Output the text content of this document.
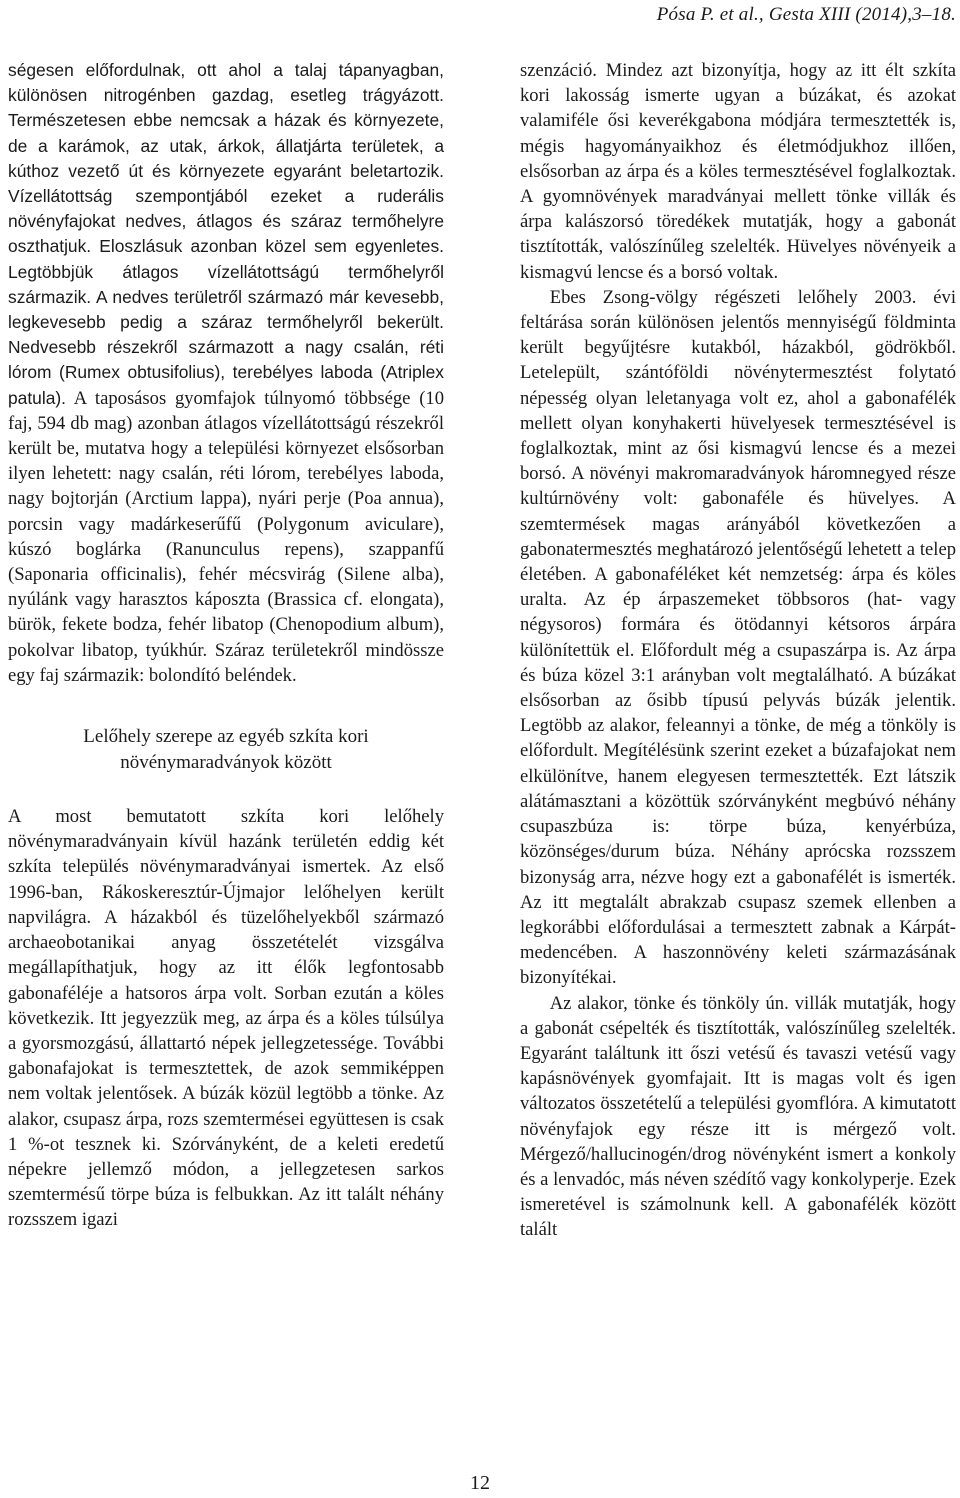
Pósa P. et al., Gesta XIII (2014),3–18.

ségesen előfordulnak, ott ahol a talaj tápanyagban, különösen nitrogénben gazdag, esetleg trágyázott. Természetesen ebbe nemcsak a házak és környezete, de a karámok, az utak, árkok, állatjárta területek, a kúthoz vezető út és környezete egyaránt beletartozik. Vízellátottság szempontjából ezeket a ruderális növényfajokat nedves, átlagos és száraz termőhelyre oszthatjuk. Eloszlásuk azonban közel sem egyenletes. Legtöbbjük átlagos vízellátottságú termőhelyről származik. A nedves területről származó már kevesebb, legkevesebb pedig a száraz termőhelyről bekerült. Nedvesebb részekről származott a nagy csalán, réti lórom (Rumex obtusifolius), terebélyes laboda (Atriplex patula). A taposásos gyomfajok túlnyomó többsége (10 faj, 594 db mag) azonban átlagos vízellátottságú részekről került be, mutatva hogy a települési környezet elsősorban ilyen lehetett: nagy csalán, réti lórom, terebélyes laboda, nagy bojtorján (Arctium lappa), nyári perje (Poa annua), porcsin vagy madárkeserűfű (Polygonum aviculare), kúszó boglárka (Ranunculus repens), szappanfű (Saponaria officinalis), fehér mécsvirág (Silene alba), nyúlánk vagy harasztos káposzta (Brassica cf. elongata), bürök, fekete bodza, fehér libatop (Chenopodium album), pokolvar libatop, tyúkhúr. Száraz területekről mindössze egy faj származik: bolondító beléndek.

Lelőhely szerepe az egyéb szkíta kori növénymaradványok között

A most bemutatott szkíta kori lelőhely növénymaradványain kívül hazánk területén eddig két szkíta település növénymaradványai ismertek. Az első 1996-ban, Rákoskeresztúr-Újmajor lelőhelyen került napvilágra. A házakból és tüzelőhelyekből származó archaeobotanikai anyag összetételét vizsgálva megállapíthatjuk, hogy az itt élők legfontosabb gabonaféléje a hatsoros árpa volt. Sorban ezután a köles következik. Itt jegyezzük meg, az árpa és a köles túlsúlya a gyorsmozgású, állattartó népek jellegzetessége. További gabonafajokat is termesztettek, de azok semmiképpen nem voltak jelentősek. A búzák közül legtöbb a tönke. Az alakor, csupasz árpa, rozs szemtermései együttesen is csak 1 %-ot tesznek ki. Szórványként, de a keleti eredetű népekre jellemző módon, a jellegzetesen sarkos szemtermésű törpe búza is felbukkan. Az itt talált néhány rozsszem igazi

szenzáció. Mindez azt bizonyítja, hogy az itt élt szkíta kori lakosság ismerte ugyan a búzákat, és azokat valamiféle ősi keverékgabona módjára termesztették is, mégis hagyományaikhoz és életmódjukhoz illően, elsősorban az árpa és a köles termesztésével foglalkoztak. A gyomnövények maradványai mellett tönke villák és árpa kalászorsó töredékek mutatják, hogy a gabonát tisztították, valószínűleg szelelték. Hüvelyes növényeik a kismagvú lencse és a borsó voltak.

Ebes Zsong-völgy régészeti lelőhely 2003. évi feltárása során különösen jelentős mennyiségű földminta került begyűjtésre kutakból, házakból, gödrökből. Letelepült, szántóföldi növénytermesztést folytató népesség olyan leletanyaga volt ez, ahol a gabonafélék mellett olyan konyhakerti hüvelyesek termesztésével is foglalkoztak, mint az ősi kismagvú lencse és a mezei borsó. A növényi makromaradványok háromnegyed része kultúrnövény volt: gabonaféle és hüvelyes. A szemtermések magas arányából következően a gabonatermesztés meghatározó jelentőségű lehetett a telep életében. A gabonaféléket két nemzetség: árpa és köles uralta. Az ép árpaszemeket többsoros (hat- vagy négysoros) formára és ötödannyi kétsoros árpára különítettük el. Előfordult még a csupaszárpa is. Az árpa és búza közel 3:1 arányban volt megtalálható. A búzákat elsősorban az ősibb típusú pelyvás búzák jelentik. Legtöbb az alakor, feleannyi a tönke, de még a tönköly is előfordult. Megítélésünk szerint ezeket a búzafajokat nem elkülönítve, hanem elegyesen termesztették. Ezt látszik alátámasztani a közöttük szórványként megbúvó néhány csupaszbúza is: törpe búza, kenyérbúza, közönséges/durum búza. Néhány aprócska rozsszem bizonyság arra, nézve hogy ezt a gabonafélét is ismerték. Az itt megtalált abrakzab csupasz szemek ellenben a legkorábbi előfordulásai a termesztett zabnak a Kárpát-medencében. A haszonnövény keleti származásának bizonyítékai.

Az alakor, tönke és tönköly ún. villák mutatják, hogy a gabonát csépelték és tisztították, valószínűleg szelelték. Egyaránt találtunk itt őszi vetésű és tavaszi vetésű vagy kapásnövények gyomfajait. Itt is magas volt és igen változatos összetételű a települési gyomflóra. A kimutatott növényfajok egy része itt is mérgező volt. Mérgező/hallucinogén/drog növényként ismert a konkoly és a lenvadóc, más néven szédítő vagy konkolyperje. Ezek ismeretével is számolnunk kell. A gabonafélék között talált

12
